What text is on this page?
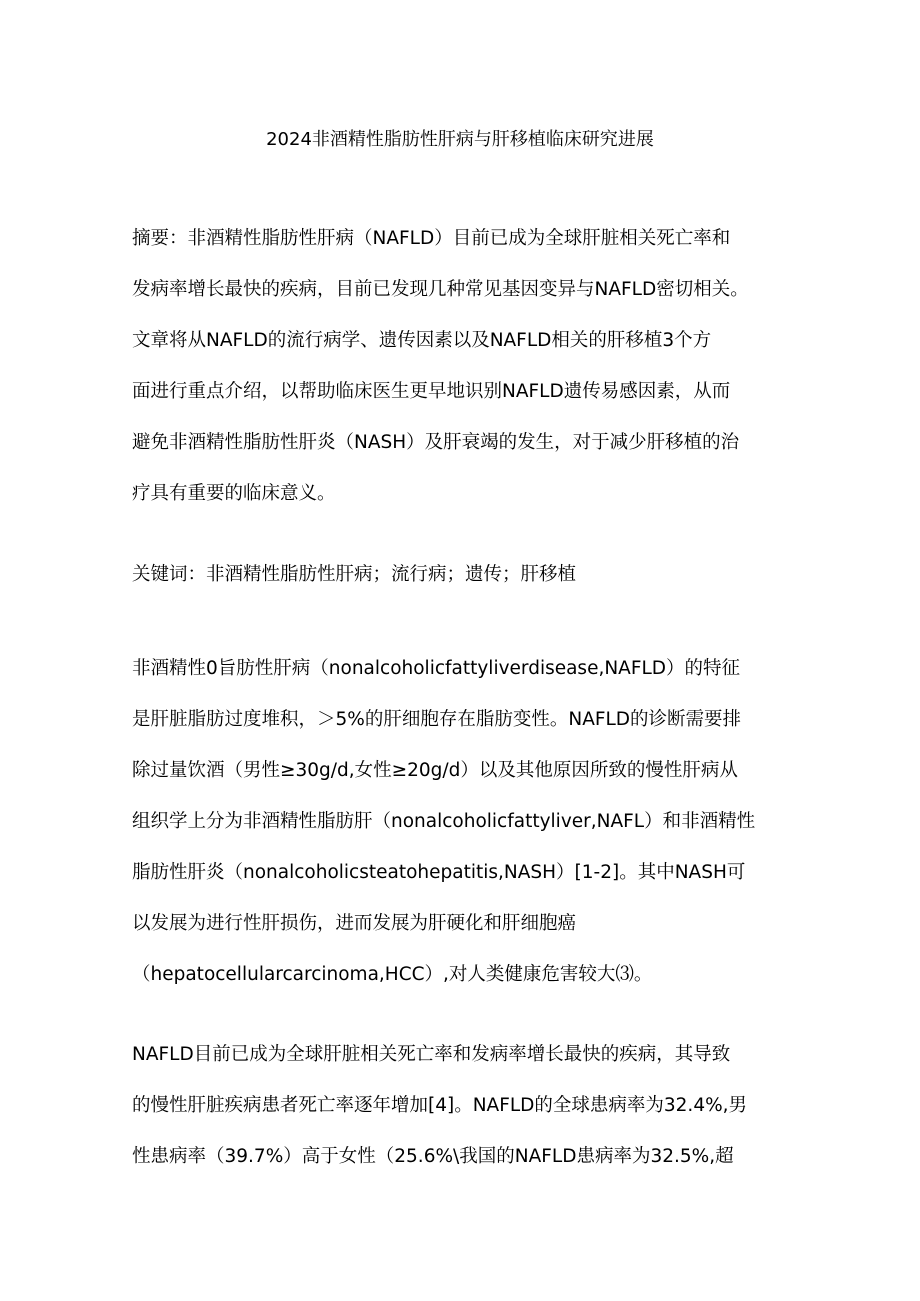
2024非酒精性脂肪性肝病与肝移植临床研究进展
摘要：非酒精性脂肪性肝病（NAFLD）目前已成为全球肝脏相关死亡率和
发病率增长最快的疾病，目前已发现几种常见基因变异与NAFLD密切相关。
文章将从NAFLD的流行病学、遗传因素以及NAFLD相关的肝移植3个方
面进行重点介绍，以帮助临床医生更早地识别NAFLD遗传易感因素，从而
避免非酒精性脂肪性肝炎（NASH）及肝衰竭的发生，对于减少肝移植的治
疗具有重要的临床意义。
关键词：非酒精性脂肪性肝病；流行病；遗传；肝移植
非酒精性0旨肪性肝病（nonalcoholicfattyliverdisease,NAFLD）的特征
是肝脏脂肪过度堆积，＞5%的肝细胞存在脂肪变性。NAFLD的诊断需要排
除过量饮酒（男性≥30g/d,女性≥20g/d）以及其他原因所致的慢性肝病从
组织学上分为非酒精性脂肪肝（nonalcoholicfattyliver,NAFL）和非酒精性
脂肪性肝炎（nonalcoholicsteatohepatitis,NASH）[1-2]。其中NASH可
以发展为进行性肝损伤，进而发展为肝硬化和肝细胞癌
（hepatocellularcarcinoma,HCC）,对人类健康危害较大⑶。
NAFLD目前已成为全球肝脏相关死亡率和发病率增长最快的疾病，其导致
的慢性肝脏疾病患者死亡率逐年增加[4]。NAFLD的全球患病率为32.4%,男
性患病率（39.7%）高于女性（25.6%\我国的NAFLD患病率为32.5%,超
